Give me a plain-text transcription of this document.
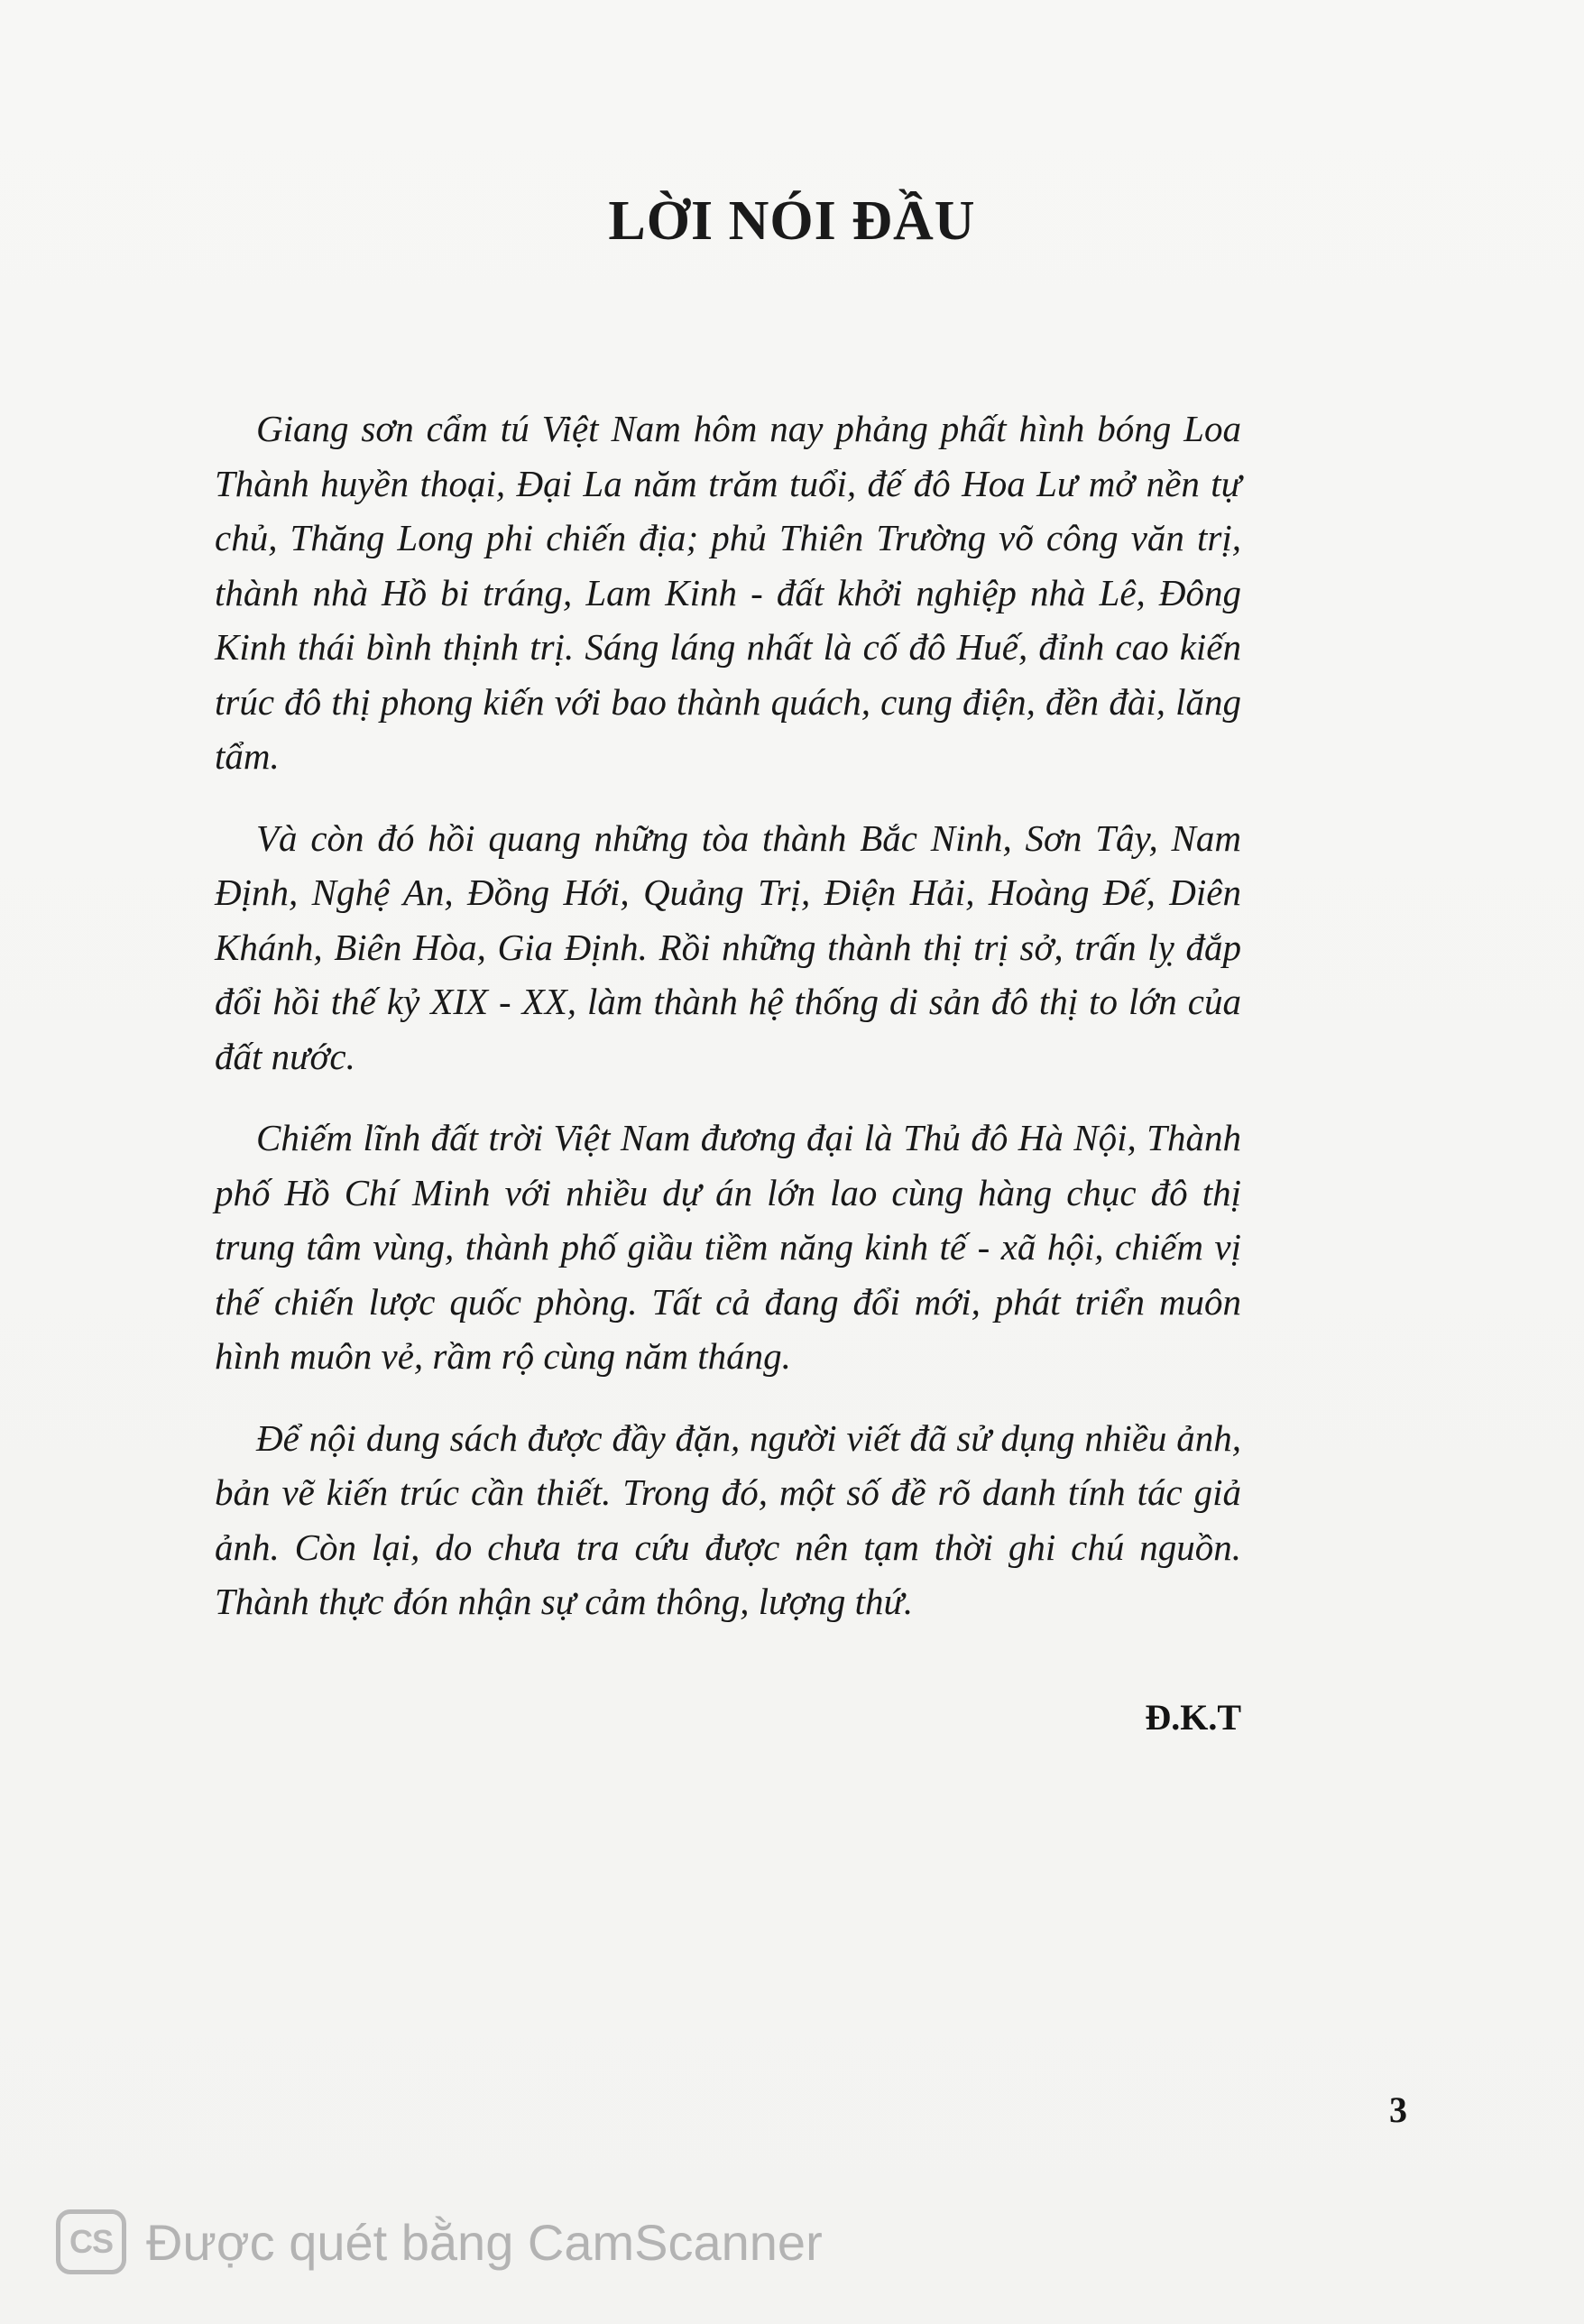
LỜI NÓI ĐẦU

Giang sơn cẩm tú Việt Nam hôm nay phảng phất hình bóng Loa Thành huyền thoại, Đại La năm trăm tuổi, đế đô Hoa Lư mở nền tự chủ, Thăng Long phi chiến địa; phủ Thiên Trường võ công văn trị, thành nhà Hồ bi tráng, Lam Kinh - đất khởi nghiệp nhà Lê, Đông Kinh thái bình thịnh trị. Sáng láng nhất là cố đô Huế, đỉnh cao kiến trúc đô thị phong kiến với bao thành quách, cung điện, đền đài, lăng tẩm.

Và còn đó hồi quang những tòa thành Bắc Ninh, Sơn Tây, Nam Định, Nghệ An, Đồng Hới, Quảng Trị, Điện Hải, Hoàng Đế, Diên Khánh, Biên Hòa, Gia Định. Rồi những thành thị trị sở, trấn lỵ đắp đổi hồi thế kỷ XIX - XX, làm thành hệ thống di sản đô thị to lớn của đất nước.

Chiếm lĩnh đất trời Việt Nam đương đại là Thủ đô Hà Nội, Thành phố Hồ Chí Minh với nhiều dự án lớn lao cùng hàng chục đô thị trung tâm vùng, thành phố giầu tiềm năng kinh tế - xã hội, chiếm vị thế chiến lược quốc phòng. Tất cả đang đổi mới, phát triển muôn hình muôn vẻ, rầm rộ cùng năm tháng.

Để nội dung sách được đầy đặn, người viết đã sử dụng nhiều ảnh, bản vẽ kiến trúc cần thiết. Trong đó, một số đề rõ danh tính tác giả ảnh. Còn lại, do chưa tra cứu được nên tạm thời ghi chú nguồn. Thành thực đón nhận sự cảm thông, lượng thứ.

Đ.K.T
3
CS Được quét bằng CamScanner
